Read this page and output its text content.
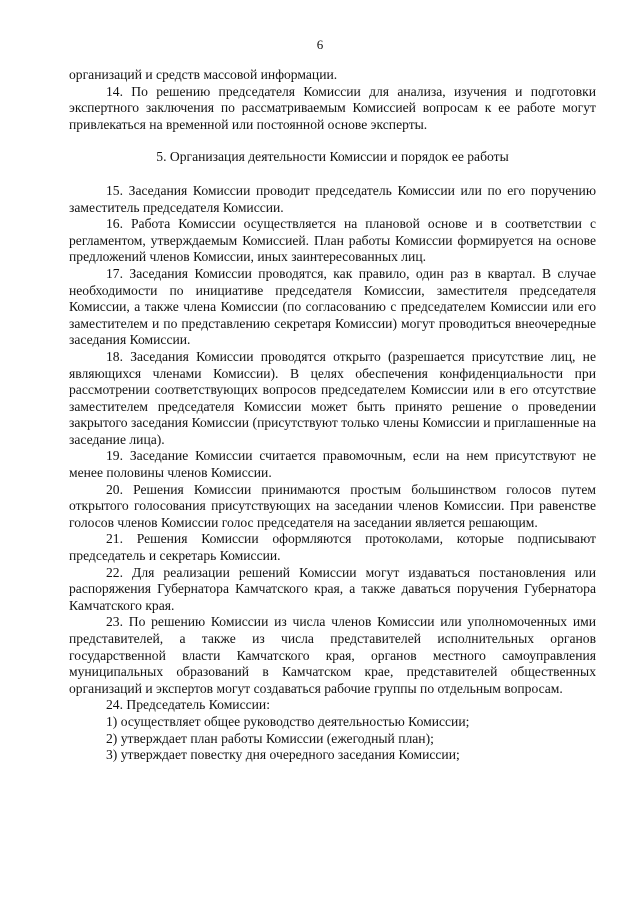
6

организаций и средств массовой информации.

14. По решению председателя Комиссии для анализа, изучения и подготовки экспертного заключения по рассматриваемым Комиссией вопросам к ее работе могут привлекаться на временной или постоянной основе эксперты.

5. Организация деятельности Комиссии и порядок ее работы

15. Заседания Комиссии проводит председатель Комиссии или по его поручению заместитель председателя Комиссии.

16. Работа Комиссии осуществляется на плановой основе и в соответствии с регламентом, утверждаемым Комиссией. План работы Комиссии формируется на основе предложений членов Комиссии, иных заинтересованных лиц.

17. Заседания Комиссии проводятся, как правило, один раз в квартал. В случае необходимости по инициативе председателя Комиссии, заместителя председателя Комиссии, а также члена Комиссии (по согласованию с председателем Комиссии или его заместителем и по представлению секретаря Комиссии) могут проводиться внеочередные заседания Комиссии.

18. Заседания Комиссии проводятся открыто (разрешается присутствие лиц, не являющихся членами Комиссии). В целях обеспечения конфиденциальности при рассмотрении соответствующих вопросов председателем Комиссии или в его отсутствие заместителем председателя Комиссии может быть принято решение о проведении закрытого заседания Комиссии (присутствуют только члены Комиссии и приглашенные на заседание лица).

19. Заседание Комиссии считается правомочным, если на нем присутствуют не менее половины членов Комиссии.

20. Решения Комиссии принимаются простым большинством голосов путем открытого голосования присутствующих на заседании членов Комиссии. При равенстве голосов членов Комиссии голос председателя на заседании является решающим.

21. Решения Комиссии оформляются протоколами, которые подписывают председатель и секретарь Комиссии.

22. Для реализации решений Комиссии могут издаваться постановления или распоряжения Губернатора Камчатского края, а также даваться поручения Губернатора Камчатского края.

23. По решению Комиссии из числа членов Комиссии или уполномоченных ими представителей, а также из числа представителей исполнительных органов государственной власти Камчатского края, органов местного самоуправления муниципальных образований в Камчатском крае, представителей общественных организаций и экспертов могут создаваться рабочие группы по отдельным вопросам.

24. Председатель Комиссии:

1) осуществляет общее руководство деятельностью Комиссии;

2) утверждает план работы Комиссии (ежегодный план);

3) утверждает повестку дня очередного заседания Комиссии;
